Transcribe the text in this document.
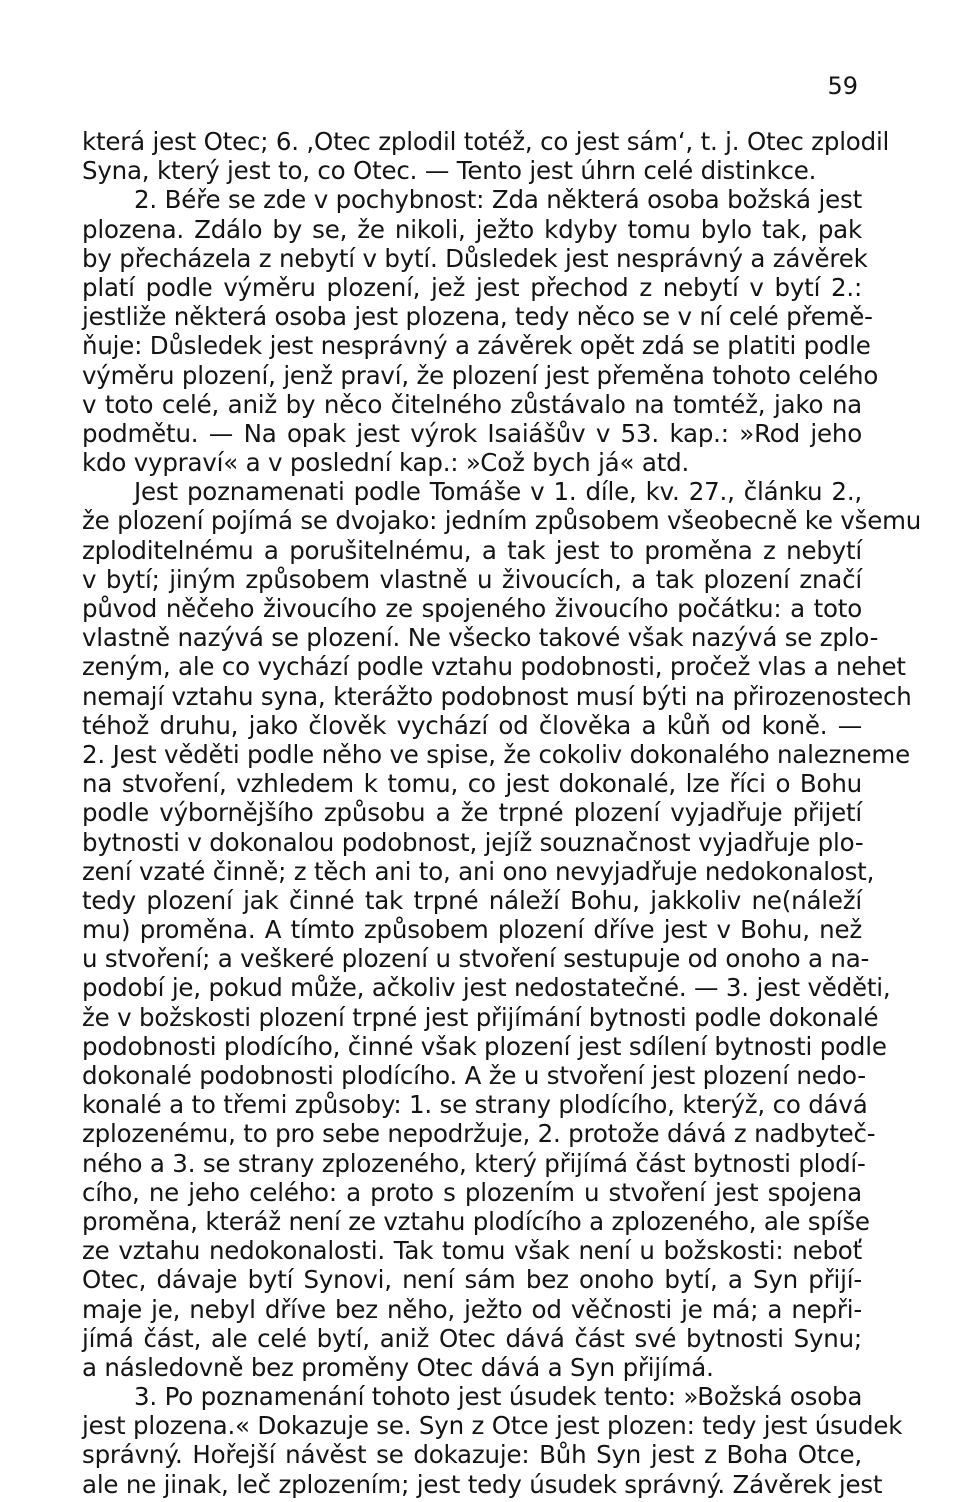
59
která jest Otec; 6. ,Otec zplodil totéž, co jest sám‘, t. j. Otec zplodil
Syna, který jest to, co Otec. — Tento jest úhrn celé distinkce.
2. Béře se zde v pochybnost: Zda některá osoba božská jest
plozena. Zdálo by se, že nikoli, ježto kdyby tomu bylo tak, pak
by přecházela z nebytí v bytí. Důsledek jest nesprávný a závěrek
platí podle výměru plození, jež jest přechod z nebytí v bytí 2.:
jestliže některá osoba jest plozena, tedy něco se v ní celé přemě-
ňuje: Důsledek jest nesprávný a závěrek opět zdá se platiti podle
výměru plození, jenž praví, že plození jest přeměna tohoto celého
v toto celé, aniž by něco čitelného zůstávalo na tomtéž, jako na
podmětu. — Na opak jest výrok Isaiášův v 53. kap.: »Rod jeho
kdo vypraví« a v poslední kap.: »Což bych já« atd.
Jest poznamenati podle Tomáše v 1. díle, kv. 27., článku 2.,
že plození pojímá se dvojako: jedním způsobem všeobecně ke všemu
zploditelnému a porušitelnému, a tak jest to proměna z nebytí
v bytí; jiným způsobem vlastně u živoucích, a tak plození značí
původ něčeho živoucího ze spojeného živoucího počátku: a toto
vlastně nazývá se plození. Ne všecko takové však nazývá se zplo-
zeným, ale co vychází podle vztahu podobnosti, pročež vlas a nehet
nemají vztahu syna, kterážto podobnost musí býti na přirozenostech
téhož druhu, jako člověk vychází od člověka a kůň od koně. —
2. Jest věděti podle něho ve spise, že cokoliv dokonalého nalezneme
na stvoření, vzhledem k tomu, co jest dokonalé, lze říci o Bohu
podle výbornějšího způsobu a že trpné plození vyjadřuje přijetí
bytnosti v dokonalou podobnost, jejíž souznačnost vyjadřuje plo-
zení vzaté činně; z těch ani to, ani ono nevyjadřuje nedokonalost,
tedy plození jak činné tak trpné náleží Bohu, jakkoliv ne(náleží
mu) proměna. A tímto způsobem plození dříve jest v Bohu, než
u stvoření; a veškeré plození u stvoření sestupuje od onoho a na-
podobí je, pokud může, ačkoliv jest nedostatečné. — 3. jest věděti,
že v božskosti plození trpné jest přijímání bytnosti podle dokonalé
podobnosti plodícího, činné však plození jest sdílení bytnosti podle
dokonalé podobnosti plodícího. A že u stvoření jest plození nedo-
konalé a to třemi způsoby: 1. se strany plodícího, kterýž, co dává
zplozenému, to pro sebe nepodržuje, 2. protože dává z nadbyteč-
ného a 3. se strany zplozeného, který přijímá část bytnosti plodí-
cího, ne jeho celého: a proto s plozením u stvoření jest spojena
proměna, kteráž není ze vztahu plodícího a zplozeného, ale spíše
ze vztahu nedokonalosti. Tak tomu však není u božskosti: neboť
Otec, dávaje bytí Synovi, není sám bez onoho bytí, a Syn přijí-
maje je, nebyl dříve bez něho, ježto od věčnosti je má; a nepři-
jímá část, ale celé bytí, aniž Otec dává část své bytnosti Synu;
a následovně bez proměny Otec dává a Syn přijímá.
3. Po poznamenání tohoto jest úsudek tento: »Božská osoba
jest plozena.« Dokazuje se. Syn z Otce jest plozen: tedy jest úsudek
správný. Hořejší návěst se dokazuje: Bůh Syn jest z Boha Otce,
ale ne jinak, leč zplozením; jest tedy úsudek správný. Závěrek jest
